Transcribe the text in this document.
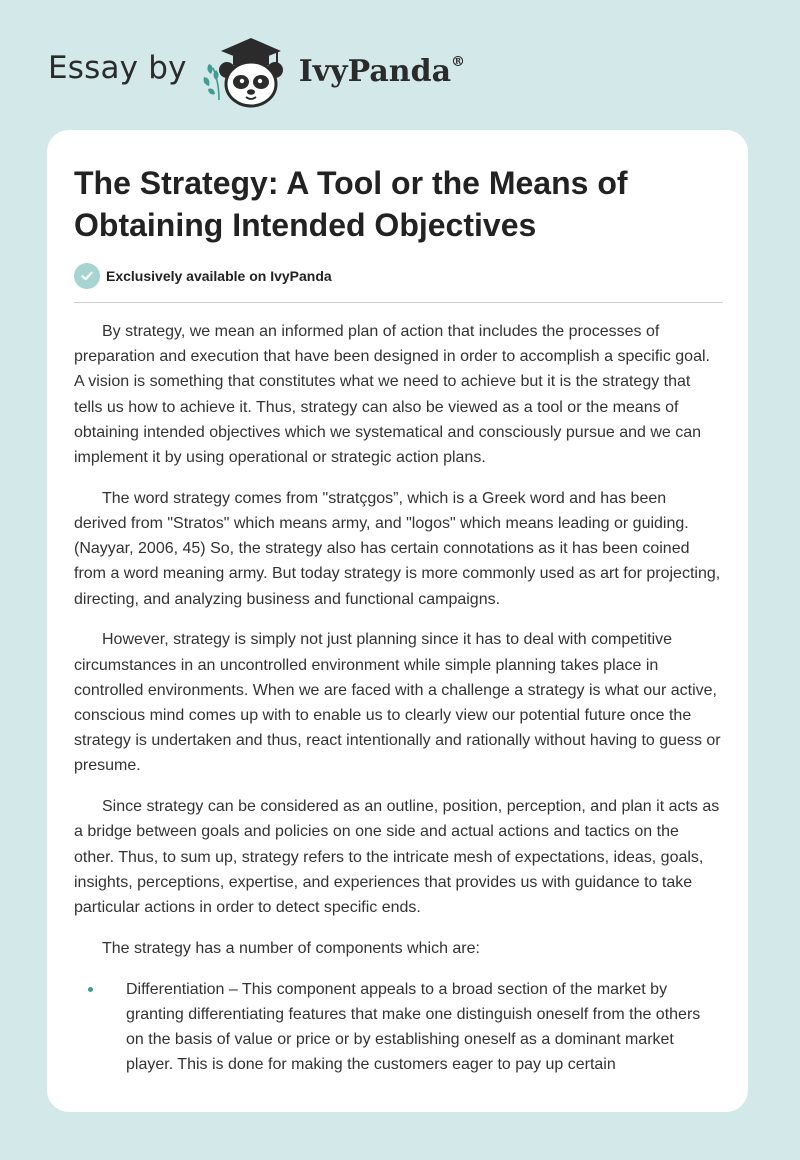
Essay by	IvyPanda®
The Strategy: A Tool or the Means of Obtaining Intended Objectives
Exclusively available on IvyPanda

By strategy, we mean an informed plan of action that includes the processes of preparation and execution that have been designed in order to accomplish a specific goal. A vision is something that constitutes what we need to achieve but it is the strategy that tells us how to achieve it. Thus, strategy can also be viewed as a tool or the means of obtaining intended objectives which we systematical and consciously pursue and we can implement it by using operational or strategic action plans.

The word strategy comes from "stratçgos”, which is a Greek word and has been derived from "Stratos" which means army, and "logos" which means leading or guiding. (Nayyar, 2006, 45) So, the strategy also has certain connotations as it has been coined from a word meaning army. But today strategy is more commonly used as art for projecting, directing, and analyzing business and functional campaigns.

However, strategy is simply not just planning since it has to deal with competitive circumstances in an uncontrolled environment while simple planning takes place in controlled environments. When we are faced with a challenge a strategy is what our active, conscious mind comes up with to enable us to clearly view our potential future once the strategy is undertaken and thus, react intentionally and rationally without having to guess or presume.

Since strategy can be considered as an outline, position, perception, and plan it acts as a bridge between goals and policies on one side and actual actions and tactics on the other. Thus, to sum up, strategy refers to the intricate mesh of expectations, ideas, goals, insights, perceptions, expertise, and experiences that provides us with guidance to take particular actions in order to detect specific ends.

The strategy has a number of components which are:

Differentiation – This component appeals to a broad section of the market by granting differentiating features that make one distinguish oneself from the others on the basis of value or price or by establishing oneself as a dominant market player. This is done for making the customers eager to pay up certain
